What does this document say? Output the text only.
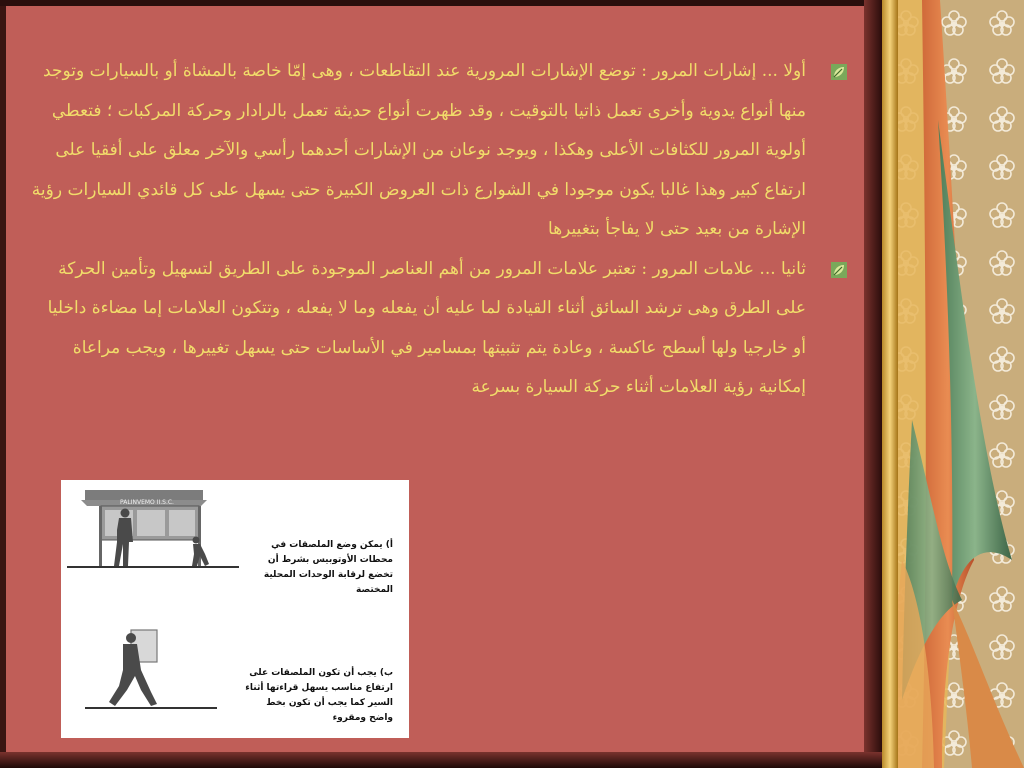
أولا ... إشارات المرور : توضع الإشارات المرورية عند التقاطعات ، وهى إمّا خاصة بالمشاة أو بالسيارات وتوجد منها أنواع يدوية وأخرى تعمل ذاتيا بالتوقيت ، وقد ظهرت أنواع حديثة تعمل بالرادار وحركة المركبات ؛ فتعطي أولوية المرور للكثافات الأعلى وهكذا ، ويوجد نوعان من الإشارات أحدهما رأسي والآخر معلق على أفقيا على ارتفاع كبير وهذا غالبا يكون موجودا في الشوارع ذات العروض الكبيرة حتى يسهل على كل قائدي السيارات رؤية الإشارة من بعيد حتى لا يفاجأ بتغييرها

ثانيا ... علامات المرور : تعتبر علامات المرور من أهم العناصر الموجودة على الطريق لتسهيل وتأمين الحركة على الطرق وهى ترشد السائق أثناء القيادة لما عليه أن يفعله وما لا يفعله ، وتتكون العلامات إما مضاءة داخليا أو خارجيا ولها أسطح عاكسة ، وعادة يتم تثبيتها بمسامير في الأساسات حتى يسهل تغييرها ، ويجب مراعاة إمكانية رؤية العلامات أثناء حركة السيارة بسرعة

PALINVEMO II.S.C.
أ) يمكن وضع الملصقات في محطات الأوتوبيس بشرط أن تخضع لرقابة الوحدات المحلية المختصة
ب) يجب أن تكون الملصقات على ارتفاع مناسب يسهل قراءتها أثناء السير كما يجب أن تكون بخط واضح ومقروء
